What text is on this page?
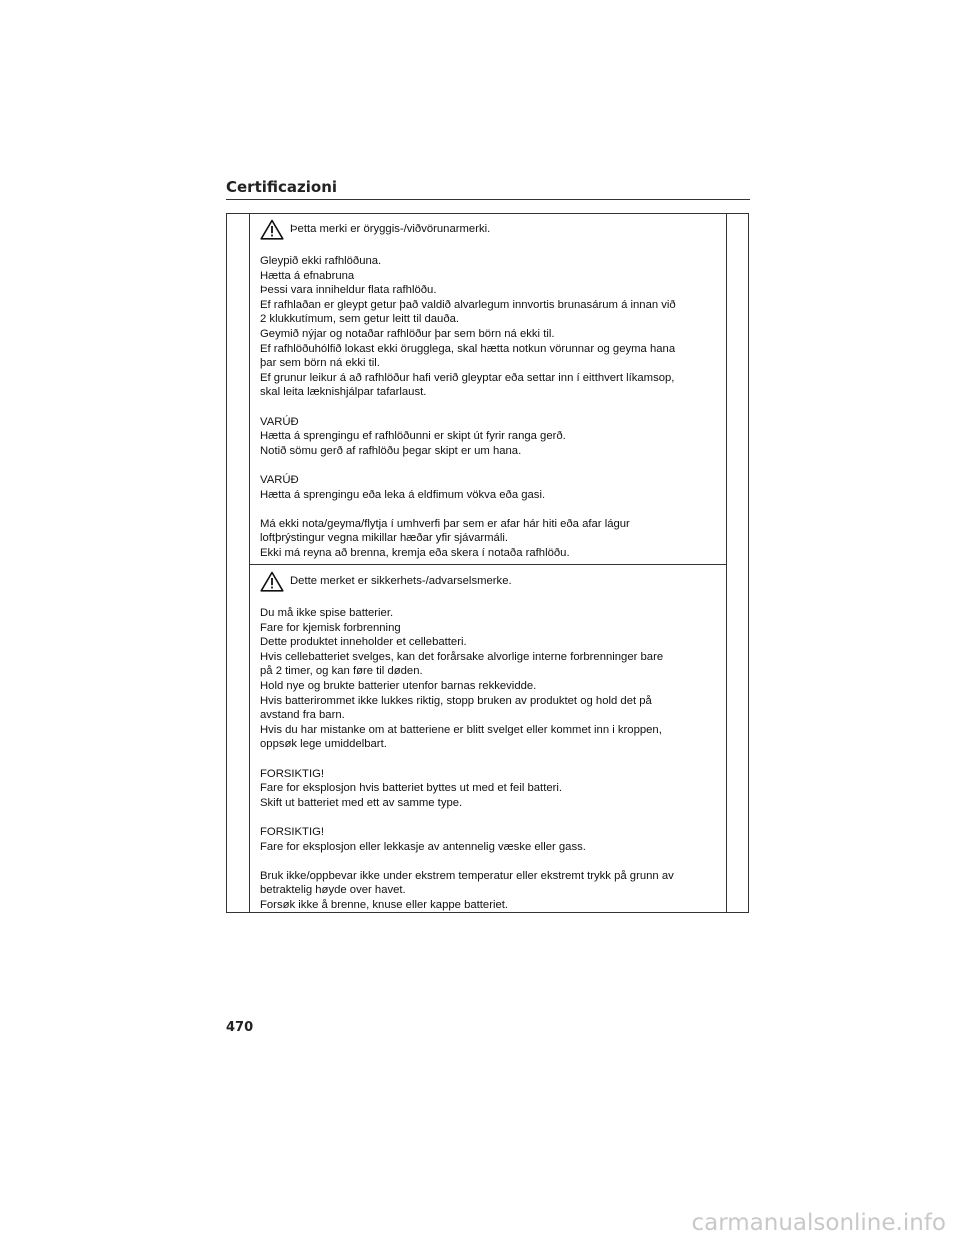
Certificazioni
Þetta merki er öryggis-/viðvörunarmerki.
Gleypið ekki rafhlöðuna.
Hætta á efnabruna
Þessi vara inniheldur flata rafhlöðu.
Ef rafhlaðan er gleypt getur það valdið alvarlegum innvortis brunasárum á innan við
2 klukkutímum, sem getur leitt til dauða.
Geymið nýjar og notaðar rafhlöður þar sem börn ná ekki til.
Ef rafhlöðuhólfið lokast ekki örugglega, skal hætta notkun vörunnar og geyma hana
þar sem börn ná ekki til.
Ef grunur leikur á að rafhlöður hafi verið gleyptar eða settar inn í eitthvert líkamsop,
skal leita læknishjálpar tafarlaust.
VARÚÐ
Hætta á sprengingu ef rafhlöðunni er skipt út fyrir ranga gerð.
Notið sömu gerð af rafhlöðu þegar skipt er um hana.
VARÚÐ
Hætta á sprengingu eða leka á eldfimum vökva eða gasi.
Má ekki nota/geyma/flytja í umhverfi þar sem er afar hár hiti eða afar lágur
loftþrýstingur vegna mikillar hæðar yfir sjávarmáli.
Ekki má reyna að brenna, kremja eða skera í notaða rafhlöðu.
Dette merket er sikkerhets-/advarselsmerke.
Du må ikke spise batterier.
Fare for kjemisk forbrenning
Dette produktet inneholder et cellebatteri.
Hvis cellebatteriet svelges, kan det forårsake alvorlige interne forbrenninger bare
på 2 timer, og kan føre til døden.
Hold nye og brukte batterier utenfor barnas rekkevidde.
Hvis batterirommet ikke lukkes riktig, stopp bruken av produktet og hold det på
avstand fra barn.
Hvis du har mistanke om at batteriene er blitt svelget eller kommet inn i kroppen,
oppsøk lege umiddelbart.
FORSIKTIG!
Fare for eksplosjon hvis batteriet byttes ut med et feil batteri.
Skift ut batteriet med ett av samme type.
FORSIKTIG!
Fare for eksplosjon eller lekkasje av antennelig væske eller gass.
Bruk ikke/oppbevar ikke under ekstrem temperatur eller ekstremt trykk på grunn av
betraktelig høyde over havet.
Forsøk ikke å brenne, knuse eller kappe batteriet.
470
carmanualsonline.info
